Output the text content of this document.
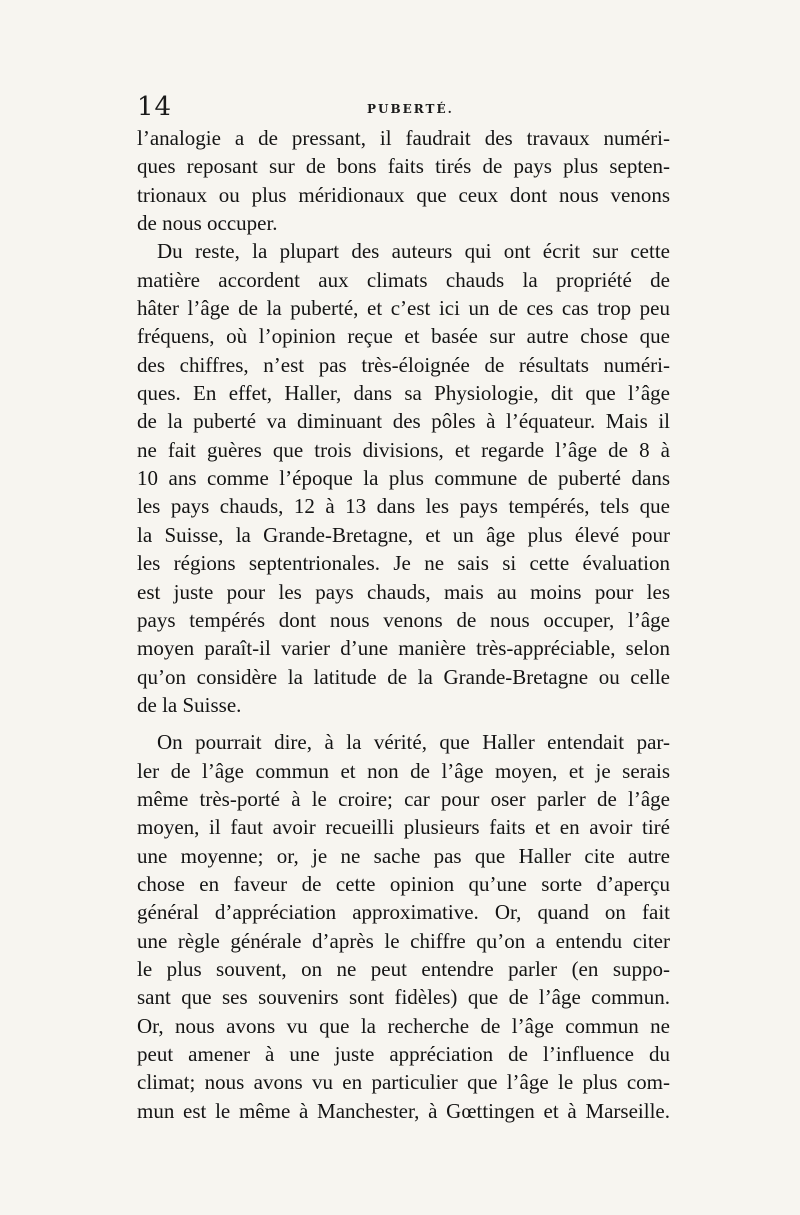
14	PUBERTÉ.
l’analogie a de pressant, il faudrait des travaux numéri-
ques reposant sur de bons faits tirés de pays plus septen-
trionaux ou plus méridionaux que ceux dont nous venons
de nous occuper.
Du reste, la plupart des auteurs qui ont écrit sur cette
matière accordent aux climats chauds la propriété de
hâter l’âge de la puberté, et c’est ici un de ces cas trop peu
fréquens, où l’opinion reçue et basée sur autre chose que
des chiffres, n’est pas très-éloignée de résultats numéri-
ques. En effet, Haller, dans sa Physiologie, dit que l’âge
de la puberté va diminuant des pôles à l’équateur. Mais il
ne fait guères que trois divisions, et regarde l’âge de 8 à
10 ans comme l’époque la plus commune de puberté dans
les pays chauds, 12 à 13 dans les pays tempérés, tels que
la Suisse, la Grande-Bretagne, et un âge plus élevé pour
les régions septentrionales. Je ne sais si cette évaluation
est juste pour les pays chauds, mais au moins pour les
pays tempérés dont nous venons de nous occuper, l’âge
moyen paraît-il varier d’une manière très-appréciable, selon
qu’on considère la latitude de la Grande-Bretagne ou celle
de la Suisse.
On pourrait dire, à la vérité, que Haller entendait par-
ler de l’âge commun et non de l’âge moyen, et je serais
même très-porté à le croire; car pour oser parler de l’âge
moyen, il faut avoir recueilli plusieurs faits et en avoir tiré
une moyenne; or, je ne sache pas que Haller cite autre
chose en faveur de cette opinion qu’une sorte d’aperçu
général d’appréciation approximative. Or, quand on fait
une règle générale d’après le chiffre qu’on a entendu citer
le plus souvent, on ne peut entendre parler (en suppo-
sant que ses souvenirs sont fidèles) que de l’âge commun.
Or, nous avons vu que la recherche de l’âge commun ne
peut amener à une juste appréciation de l’influence du
climat; nous avons vu en particulier que l’âge le plus com-
mun est le même à Manchester, à Gœttingen et à Marseille.
